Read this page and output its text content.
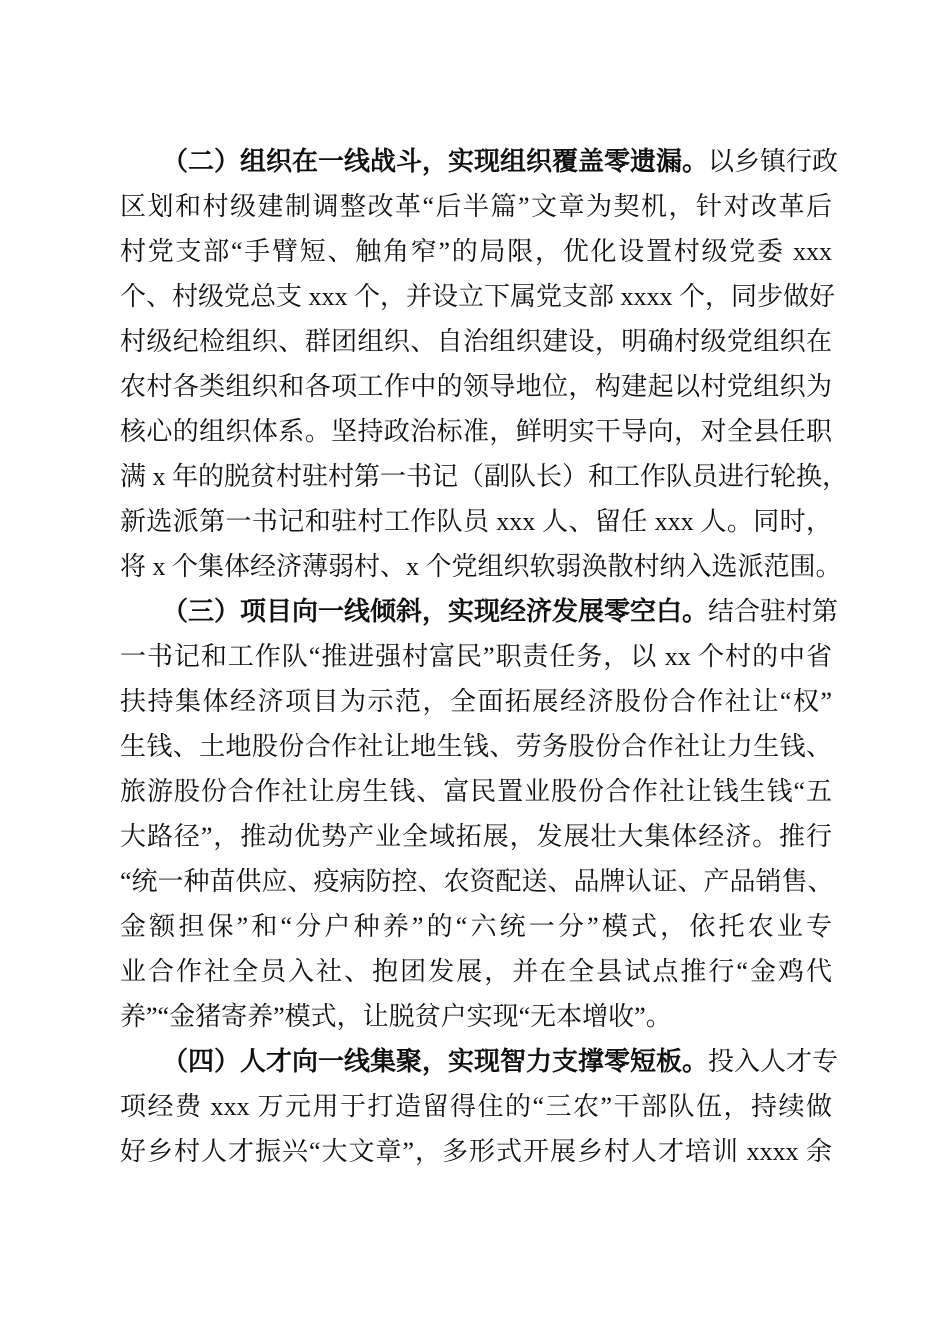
（二）组织在一线战斗，实现组织覆盖零遗漏。以乡镇行政
区划和村级建制调整改革“后半篇”文章为契机，针对改革后
村党支部“手臂短、触角窄”的局限，优化设置村级党委 xxx
个、村级党总支 xxx 个，并设立下属党支部 xxxx 个，同步做好
村级纪检组织、群团组织、自治组织建设，明确村级党组织在
农村各类组织和各项工作中的领导地位，构建起以村党组织为
核心的组织体系。坚持政治标准，鲜明实干导向，对全县任职
满 x 年的脱贫村驻村第一书记（副队长）和工作队员进行轮换，
新选派第一书记和驻村工作队员 xxx 人、留任 xxx 人。同时，
将 x 个集体经济薄弱村、x 个党组织软弱涣散村纳入选派范围。
（三）项目向一线倾斜，实现经济发展零空白。结合驻村第
一书记和工作队“推进强村富民”职责任务，以 xx 个村的中省
扶持集体经济项目为示范，全面拓展经济股份合作社让“权”
生钱、土地股份合作社让地生钱、劳务股份合作社让力生钱、
旅游股份合作社让房生钱、富民置业股份合作社让钱生钱“五
大路径”，推动优势产业全域拓展，发展壮大集体经济。推行
“统一种苗供应、疫病防控、农资配送、品牌认证、产品销售、
金额担保”和“分户种养”的“六统一分”模式，依托农业专
业合作社全员入社、抱团发展，并在全县试点推行“金鸡代
养”“金猪寄养”模式，让脱贫户实现“无本增收”。
（四）人才向一线集聚，实现智力支撑零短板。投入人才专
项经费 xxx 万元用于打造留得住的“三农”干部队伍，持续做
好乡村人才振兴“大文章”，多形式开展乡村人才培训 xxxx 余
